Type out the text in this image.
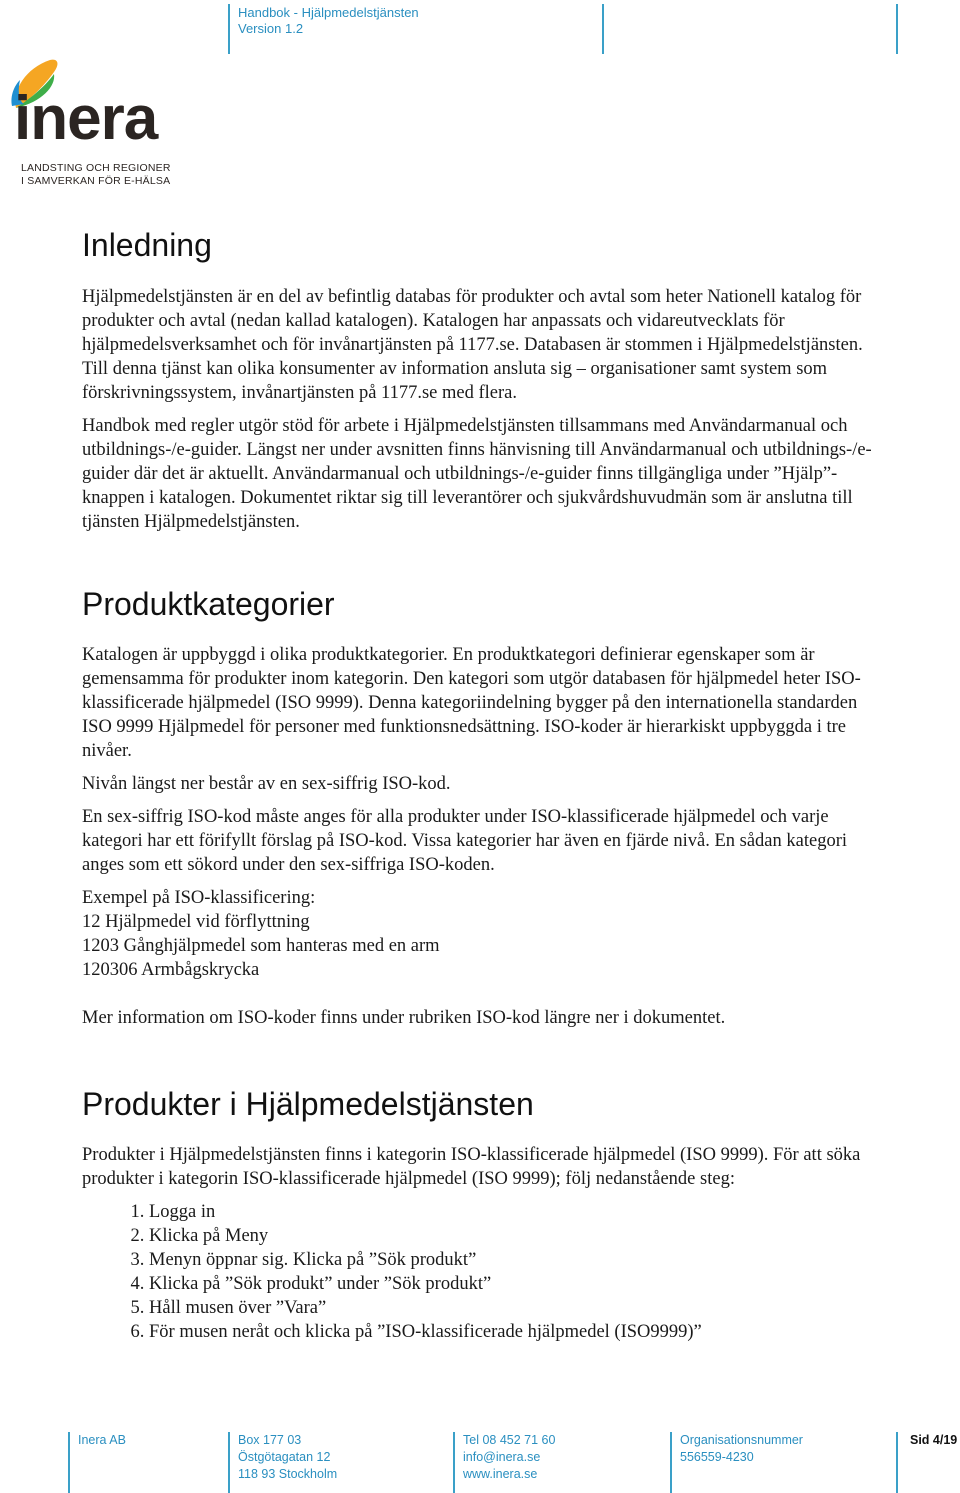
Handbok - Hjälpmedelstjänsten
Version 1.2
inera
LANDSTING OCH REGIONER
I SAMVERKAN FÖR E-HÄLSA
Inledning

Hjälpmedelstjänsten är en del av befintlig databas för produkter och avtal som heter Nationell katalog för produkter och avtal (nedan kallad katalogen). Katalogen har anpassats och vidareutvecklats för hjälpmedelsverksamhet och för invånartjänsten på 1177.se. Databasen är stommen i Hjälpmedelstjänsten. Till denna tjänst kan olika konsumenter av information ansluta sig – organisationer samt system som förskrivningssystem, invånartjänsten på 1177.se med flera.

Handbok med regler utgör stöd för arbete i Hjälpmedelstjänsten tillsammans med Användarmanual och utbildnings-/e-guider. Längst ner under avsnitten finns hänvisning till Användarmanual och utbildnings-/e-guider där det är aktuellt. Användarmanual och utbildnings-/e-guider finns tillgängliga under ”Hjälp”-knappen i katalogen. Dokumentet riktar sig till leverantörer och sjukvårdshuvudmän som är anslutna till tjänsten Hjälpmedelstjänsten.

Produktkategorier

Katalogen är uppbyggd i olika produktkategorier. En produktkategori definierar egenskaper som är gemensamma för produkter inom kategorin. Den kategori som utgör databasen för hjälpmedel heter ISO-klassificerade hjälpmedel (ISO 9999). Denna kategoriindelning bygger på den internationella standarden ISO 9999 Hjälpmedel för personer med funktionsnedsättning. ISO-koder är hierarkiskt uppbyggda i tre nivåer.

Nivån längst ner består av en sex-siffrig ISO-kod.

En sex-siffrig ISO-kod måste anges för alla produkter under ISO-klassificerade hjälpmedel och varje kategori har ett förifyllt förslag på ISO-kod. Vissa kategorier har även en fjärde nivå. En sådan kategori anges som ett sökord under den sex-siffriga ISO-koden.

Exempel på ISO-klassificering:

12 Hjälpmedel vid förflyttning

1203 Gånghjälpmedel som hanteras med en arm

120306 Armbågskrycka

Mer information om ISO-koder finns under rubriken ISO-kod längre ner i dokumentet.

Produkter i Hjälpmedelstjänsten

Produkter i Hjälpmedelstjänsten finns i kategorin ISO-klassificerade hjälpmedel (ISO 9999). För att söka produkter i kategorin ISO-klassificerade hjälpmedel (ISO 9999); följ nedanstående steg:

1. Logga in
2. Klicka på Meny
3. Menyn öppnar sig. Klicka på ”Sök produkt”
4. Klicka på ”Sök produkt” under ”Sök produkt”
5. Håll musen över ”Vara”
6. För musen neråt och klicka på ”ISO-klassificerade hjälpmedel (ISO9999)”
Inera AB	Box 177 03
Östgötagatan 12
118 93 Stockholm
Tel 08 452 71 60
info@inera.se
www.inera.se
Organisationsnummer
556559-4230
Sid 4/19
